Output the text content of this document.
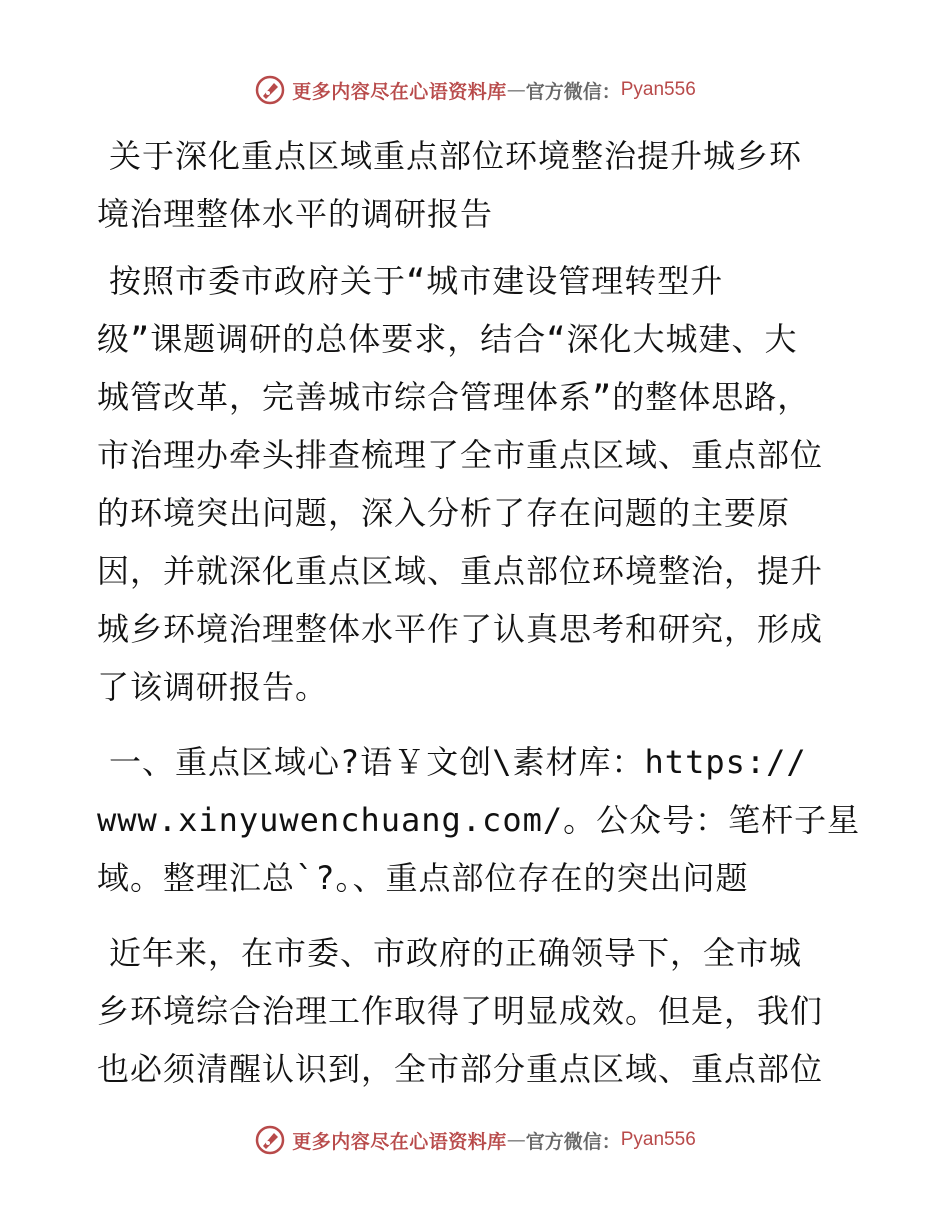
更多内容尽在心语资料库 — 官方微信： Pyan556
关于深化重点区域重点部位环境整治提升城乡环
境治理整体水平的调研报告
按照市委市政府关于“城市建设管理转型升
级”课题调研的总体要求，结合“深化大城建、大
城管改革，完善城市综合管理体系”的整体思路，
市治理办牵头排查梳理了全市重点区域、重点部位
的环境突出问题，深入分析了存在问题的主要原
因，并就深化重点区域、重点部位环境整治，提升
城乡环境治理整体水平作了认真思考和研究，形成
了该调研报告。
一、重点区域心?语￥文创\素材库：https://
www.xinyuwenchuang.com/。公众号：笔杆子星
域。整理汇总`?。、重点部位存在的突出问题
近年来，在市委、市政府的正确领导下，全市城
乡环境综合治理工作取得了明显成效。但是，我们
也必须清醒认识到，全市部分重点区域、重点部位
更多内容尽在心语资料库 — 官方微信： Pyan556
